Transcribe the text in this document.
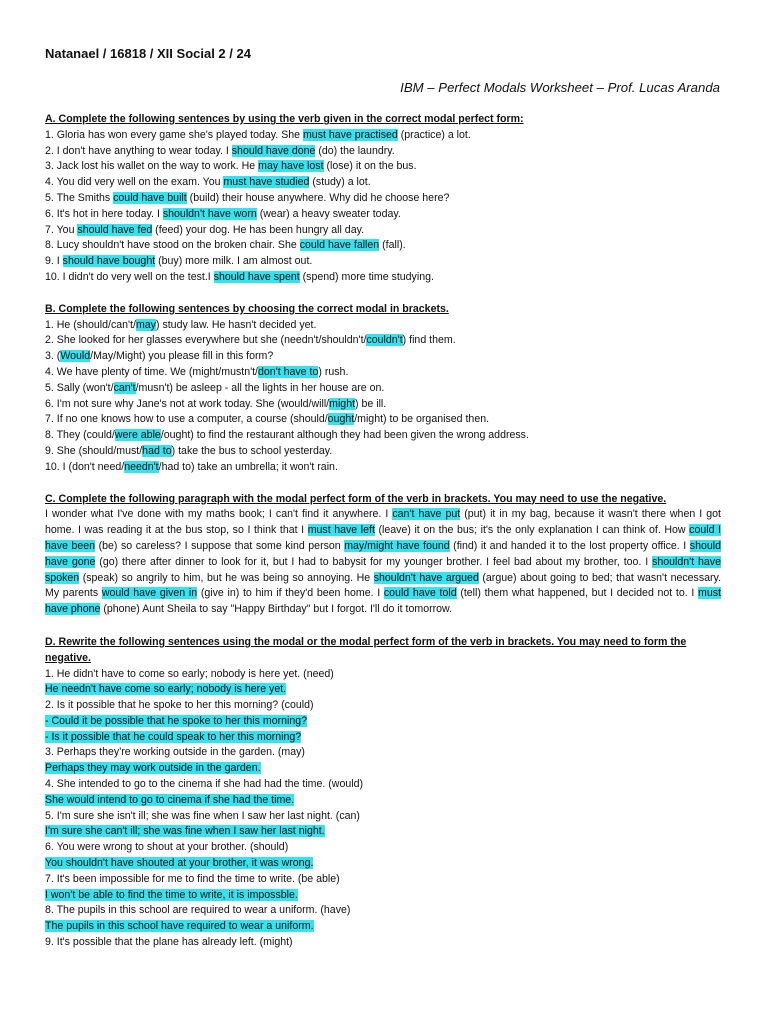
Natanael / 16818 / XII Social 2 / 24
IBM – Perfect Modals Worksheet – Prof. Lucas Aranda

A. Complete the following sentences by using the verb given in the correct modal perfect form:

1. Gloria has won every game she's played today. She must have practised (practice) a lot.

2. I don't have anything to wear today. I should have done (do) the laundry.

3. Jack lost his wallet on the way to work. He may have lost (lose) it on the bus.

4. You did very well on the exam. You must have studied (study) a lot.

5. The Smiths could have built (build) their house anywhere. Why did he choose here?

6. It's hot in here today. I shouldn't have worn (wear) a heavy sweater today.

7. You should have fed (feed) your dog. He has been hungry all day.

8. Lucy shouldn't have stood on the broken chair. She could have fallen (fall).

9. I should have bought (buy) more milk. I am almost out.

10. I didn't do very well on the test.I should have spent (spend) more time studying.

B. Complete the following sentences by choosing the correct modal in brackets.

1. He (should/can't/may) study law. He hasn't decided yet.

2. She looked for her glasses everywhere but she (needn't/shouldn't/couldn't) find them.

3. (Would/May/Might) you please fill in this form?

4. We have plenty of time. We (might/mustn't/don't have to) rush.

5. Sally (won't/can't/musn't) be asleep - all the lights in her house are on.

6. I'm not sure why Jane's not at work today. She (would/will/might) be ill.

7. If no one knows how to use a computer, a course (should/ought/might) to be organised then.

8. They (could/were able/ought) to find the restaurant although they had been given the wrong address.

9. She (should/must/had to) take the bus to school yesterday.

10. I (don't need/needn't/had to) take an umbrella; it won't rain.

C. Complete the following paragraph with the modal perfect form of the verb in brackets. You may need to use the negative.

I wonder what I've done with my maths book; I can't find it anywhere. I can't have put (put) it in my bag, because it wasn't there when I got home. I was reading it at the bus stop, so I think that I must have left (leave) it on the bus; it's the only explanation I can think of. How could I have been (be) so careless? I suppose that some kind person may/might have found (find) it and handed it to the lost property office. I should have gone (go) there after dinner to look for it, but I had to babysit for my younger brother. I feel bad about my brother, too. I shouldn't have spoken (speak) so angrily to him, but he was being so annoying. He shouldn't have argued (argue) about going to bed; that wasn't necessary. My parents would have given in (give in) to him if they'd been home. I could have told (tell) them what happened, but I decided not to. I must have phone (phone) Aunt Sheila to say "Happy Birthday" but I forgot. I'll do it tomorrow.

D. Rewrite the following sentences using the modal or the modal perfect form of the verb in brackets. You may need to form the negative.

1. He didn't have to come so early; nobody is here yet. (need)

He needn't have come so early; nobody is here yet.

2. Is it possible that he spoke to her this morning? (could)

- Could it be possible that he spoke to her this morning?

- Is it possible that he could speak to her this morning?

3. Perhaps they're working outside in the garden. (may)

Perhaps they may work outside in the garden.

4. She intended to go to the cinema if she had had the time. (would)

She would intend to go to cinema if she had the time.

5. I'm sure she isn't ill; she was fine when I saw her last night. (can)

I'm sure she can't ill; she was fine when I saw her last night.

6. You were wrong to shout at your brother. (should)

You shouldn't have shouted at your brother, it was wrong.

7. It's been impossible for me to find the time to write. (be able)

I won't be able to find the time to write, it is impossble.

8. The pupils in this school are required to wear a uniform. (have)

The pupils in this school have required to wear a uniform.

9. It's possible that the plane has already left. (might)
